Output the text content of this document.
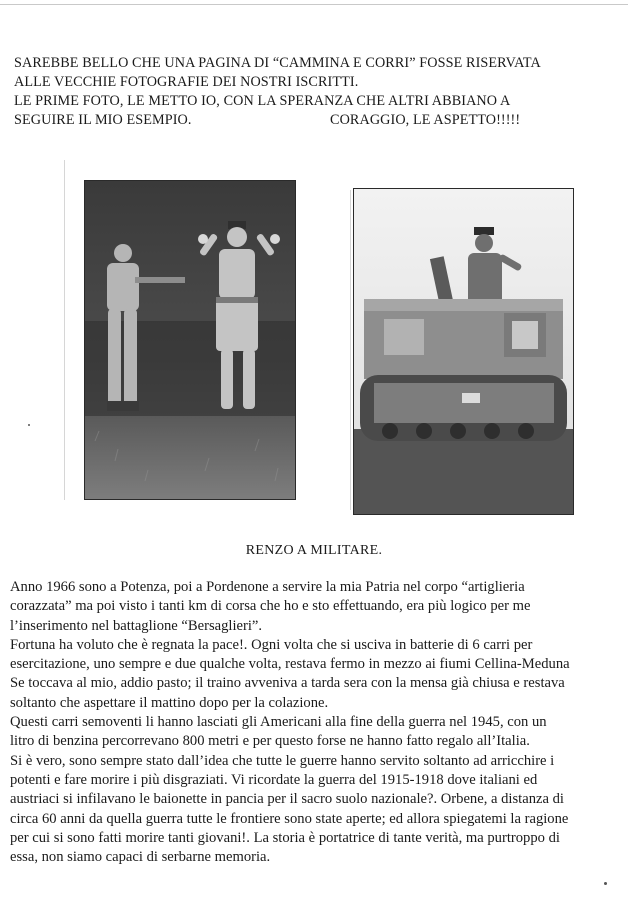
SAREBBE BELLO CHE UNA PAGINA DI “CAMMINA E CORRI” FOSSE RISERVATA
ALLE VECCHIE FOTOGRAFIE DEI NOSTRI ISCRITTI.
LE PRIME FOTO, LE METTO IO, CON LA SPERANZA CHE ALTRI ABBIANO A
SEGUIRE IL MIO ESEMPIO.	CORAGGIO, LE ASPETTO!!!!!
RENZO A MILITARE.
Anno 1966 sono a Potenza, poi a Pordenone a servire la mia Patria nel corpo “artiglieria
corazzata” ma poi visto i tanti km di corsa che ho e sto effettuando, era più logico per me
l’inserimento nel battaglione “Bersaglieri”.
Fortuna ha voluto che è regnata la pace!. Ogni volta che si usciva in batterie di 6 carri per
esercitazione, uno sempre e due qualche volta, restava fermo in mezzo ai fiumi Cellina-Meduna
Se toccava al mio, addio pasto; il traino avveniva a tarda sera con la mensa già chiusa e restava
soltanto che aspettare il mattino dopo per la colazione.
Questi carri semoventi li hanno lasciati gli Americani alla fine della guerra nel 1945, con un
litro di benzina percorrevano 800 metri e per questo forse ne hanno fatto regalo all’Italia.
Si è vero, sono sempre stato dall’idea che tutte le guerre hanno servito soltanto ad arricchire i
potenti e fare morire i più disgraziati. Vi ricordate la guerra del 1915-1918 dove italiani ed
austriaci si infilavano le baionette in pancia per il sacro suolo nazionale?. Orbene, a distanza di
circa 60 anni da quella guerra tutte le frontiere sono state aperte; ed allora spiegatemi la ragione
per cui si sono fatti morire tanti giovani!. La storia è portatrice di tante verità, ma purtroppo di
essa, non siamo capaci di serbarne memoria.
